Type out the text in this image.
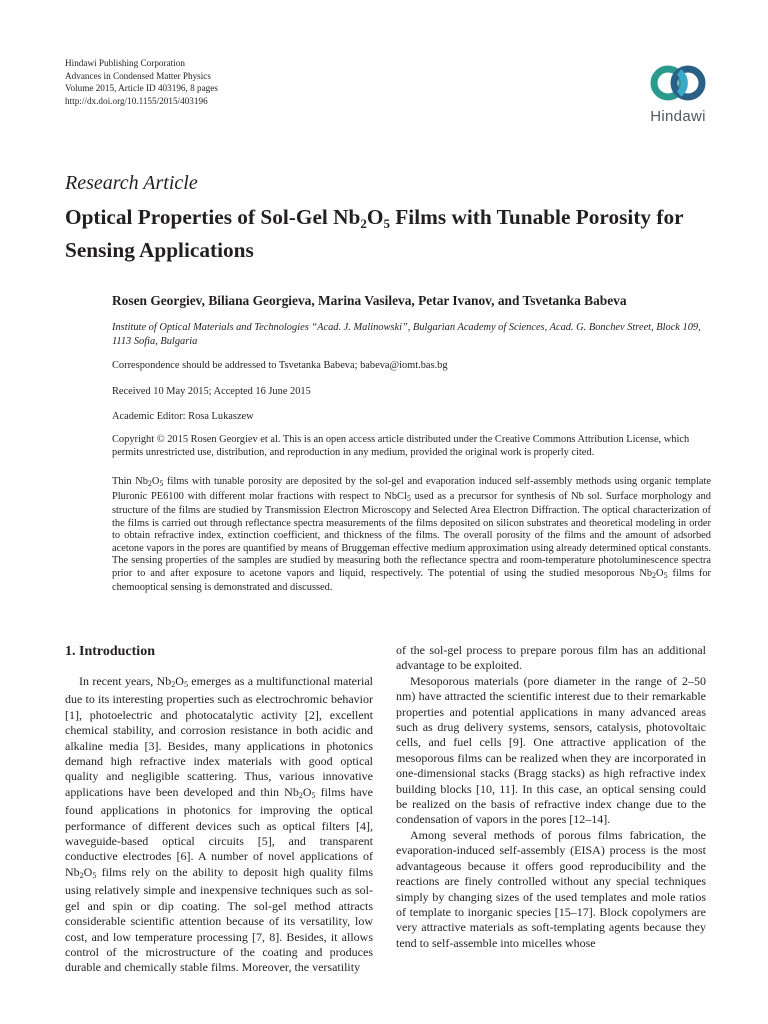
Hindawi Publishing Corporation
Advances in Condensed Matter Physics
Volume 2015, Article ID 403196, 8 pages
http://dx.doi.org/10.1155/2015/403196
Hindawi
Research Article
Optical Properties of Sol-Gel $Nb_2O_5$ Films with Tunable Porosity for Sensing Applications
Rosen Georgiev, Biliana Georgieva, Marina Vasileva, Petar Ivanov, and Tsvetanka Babeva
Institute of Optical Materials and Technologies “Acad. J. Malinowski”, Bulgarian Academy of Sciences, Acad. G. Bonchev Street, Block 109, 1113 Sofia, Bulgaria
Correspondence should be addressed to Tsvetanka Babeva; babeva@iomt.bas.bg
Received 10 May 2015; Accepted 16 June 2015
Academic Editor: Rosa Lukaszew
Copyright © 2015 Rosen Georgiev et al. This is an open access article distributed under the Creative Commons Attribution License, which permits unrestricted use, distribution, and reproduction in any medium, provided the original work is properly cited.
Thin $Nb_2O_5$ films with tunable porosity are deposited by the sol-gel and evaporation induced self-assembly methods using organic template Pluronic PE6100 with different molar fractions with respect to NbCl$_5$ used as a precursor for synthesis of Nb sol. Surface morphology and structure of the films are studied by Transmission Electron Microscopy and Selected Area Electron Diffraction. The optical characterization of the films is carried out through reflectance spectra measurements of the films deposited on silicon substrates and theoretical modeling in order to obtain refractive index, extinction coefficient, and thickness of the films. The overall porosity of the films and the amount of adsorbed acetone vapors in the pores are quantified by means of Bruggeman effective medium approximation using already determined optical constants. The sensing properties of the samples are studied by measuring both the reflectance spectra and room-temperature photoluminescence spectra prior to and after exposure to acetone vapors and liquid, respectively. The potential of using the studied mesoporous $Nb_2O_5$ films for chemooptical sensing is demonstrated and discussed.
1. Introduction

In recent years, $Nb_2O_5$ emerges as a multifunctional material due to its interesting properties such as electrochromic behavior [1], photoelectric and photocatalytic activity [2], excellent chemical stability, and corrosion resistance in both acidic and alkaline media [3]. Besides, many applications in photonics demand high refractive index materials with good optical quality and negligible scattering. Thus, various innovative applications have been developed and thin $Nb_2O_5$ films have found applications in photonics for improving the optical performance of different devices such as optical filters [4], waveguide-based optical circuits [5], and transparent conductive electrodes [6]. A number of novel applications of $Nb_2O_5$ films rely on the ability to deposit high quality films using relatively simple and inexpensive techniques such as sol-gel and spin or dip coating. The sol-gel method attracts considerable scientific attention because of its versatility, low cost, and low temperature processing [7, 8]. Besides, it allows control of the microstructure of the coating and produces durable and chemically stable films. Moreover, the versatility

of the sol-gel process to prepare porous film has an additional advantage to be exploited.

Mesoporous materials (pore diameter in the range of 2–50 nm) have attracted the scientific interest due to their remarkable properties and potential applications in many advanced areas such as drug delivery systems, sensors, catalysis, photovoltaic cells, and fuel cells [9]. One attractive application of the mesoporous films can be realized when they are incorporated in one-dimensional stacks (Bragg stacks) as high refractive index building blocks [10, 11]. In this case, an optical sensing could be realized on the basis of refractive index change due to the condensation of vapors in the pores [12–14].

Among several methods of porous films fabrication, the evaporation-induced self-assembly (EISA) process is the most advantageous because it offers good reproducibility and the reactions are finely controlled without any special techniques simply by changing sizes of the used templates and mole ratios of template to inorganic species [15–17]. Block copolymers are very attractive materials as soft-templating agents because they tend to self-assemble into micelles whose
